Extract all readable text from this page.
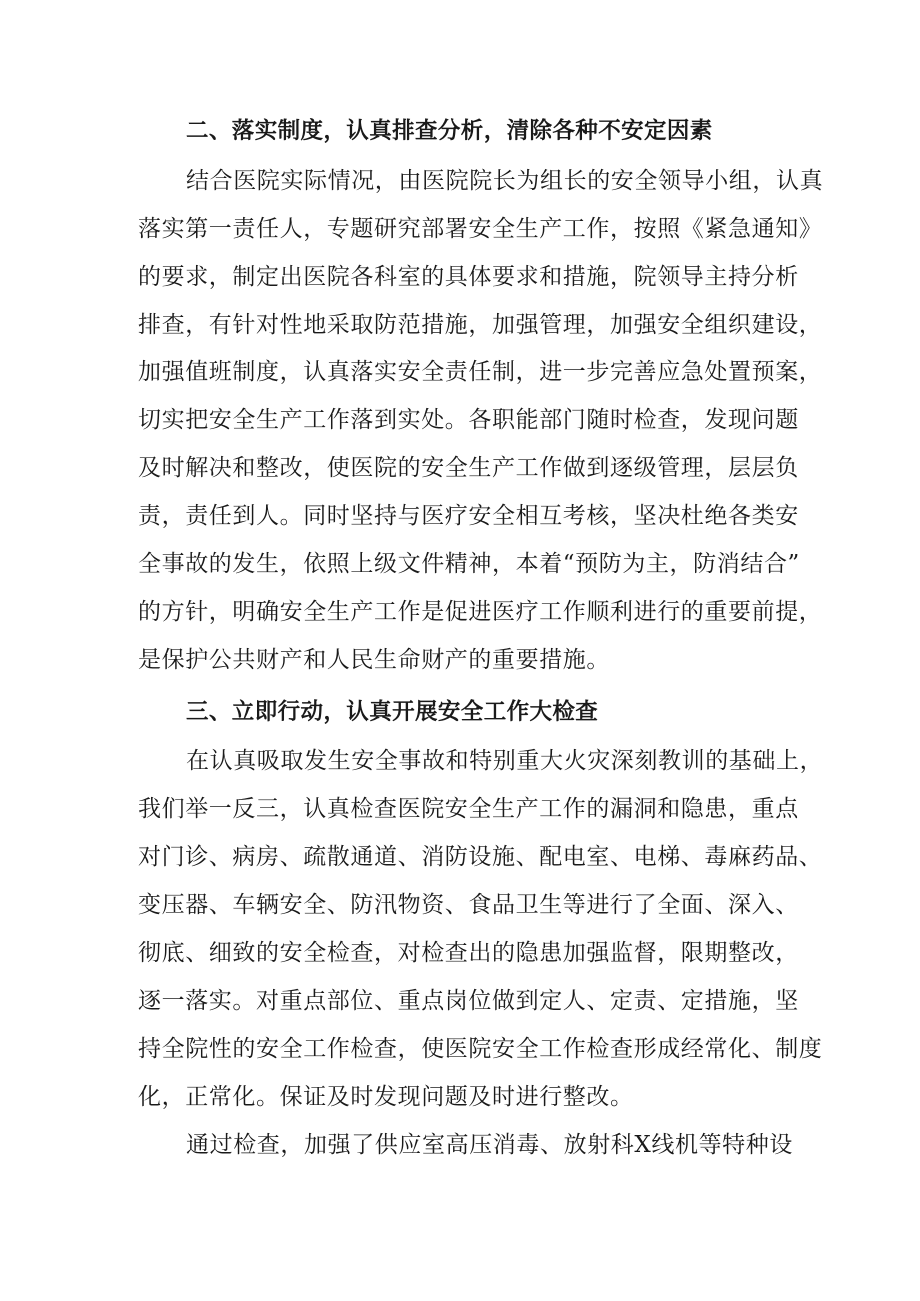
二、落实制度，认真排查分析，清除各种不安定因素
结合医院实际情况，由医院院长为组长的安全领导小组，认真
落实第一责任人，专题研究部署安全生产工作，按照《紧急通知》
的要求，制定出医院各科室的具体要求和措施，院领导主持分析
排查，有针对性地采取防范措施，加强管理，加强安全组织建设，
加强值班制度，认真落实安全责任制，进一步完善应急处置预案，
切实把安全生产工作落到实处。各职能部门随时检查，发现问题
及时解决和整改，使医院的安全生产工作做到逐级管理，层层负
责，责任到人。同时坚持与医疗安全相互考核，坚决杜绝各类安
全事故的发生，依照上级文件精神，本着“预防为主，防消结合”
的方针，明确安全生产工作是促进医疗工作顺利进行的重要前提，
是保护公共财产和人民生命财产的重要措施。
三、立即行动，认真开展安全工作大检查
在认真吸取发生安全事故和特别重大火灾深刻教训的基础上，
我们举一反三，认真检查医院安全生产工作的漏洞和隐患，重点
对门诊、病房、疏散通道、消防设施、配电室、电梯、毒麻药品、
变压器、车辆安全、防汛物资、食品卫生等进行了全面、深入、
彻底、细致的安全检查，对检查出的隐患加强监督，限期整改，
逐一落实。对重点部位、重点岗位做到定人、定责、定措施，坚
持全院性的安全工作检查，使医院安全工作检查形成经常化、制度
化，正常化。保证及时发现问题及时进行整改。
通过检查，加强了供应室高压消毒、放射科X线机等特种设
